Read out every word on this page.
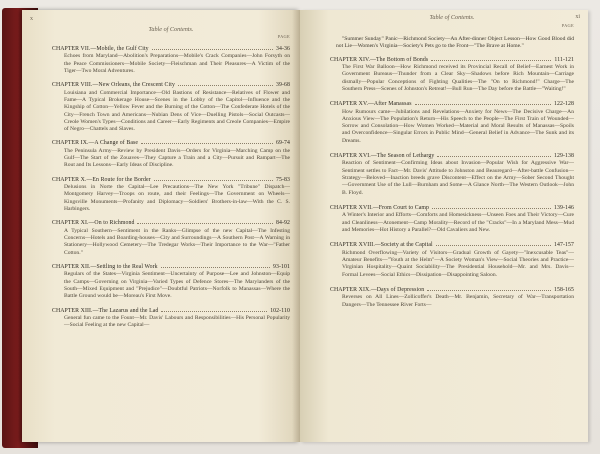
x
Table of Contents.
PAGE
CHAPTER VII.—Mobile, the Gulf City	34-36
Echoes from Maryland—Abolition's Preparations—Mobile's Crack Companies—John Forsyth on the Peace Commissioners—Mobile Society—Fleischman and Their Pleasures—A Victim of the Tiger—Two Moral Adventures.
CHAPTER VIII.—New Orleans, the Crescent City	39-68
Louisiana and Commercial Importance—Old Bastions of Resistance—Relatives of Flower and Fame—A Typical Brokerage House—Scenes in the Lobby of the Capitol—Influence and the Kingship of Cotton—Yellow Fever and the Burning of the Cotton—The Confederate Hotels of the City—French Town and Americans—Nubian Dens of Vice—Duelling Pistols—Social Outcasts—Creole Women's Types—Conditions and Career—Early Regiments and Creole Companies—Empire of Negro—Chattels and Slaves.
CHAPTER IX.—A Change of Base	69-74
The Peninsula Army—Review by President Davis—Orders for Virginia—Marching Camp on the Gulf—The Start of the Zouaves—They Capture a Train and a City—Pursuit and Rampart—The Rout and Its Lessons—Early Ideas of Discipline.
CHAPTER X.—En Route for the Border	75-83
Delusions in Norte the Capital—Lee Precautions—The New York "Tribune" Dispatch—Montgomery Harvey—Troops on route, and their Feelings—The Government on Wheels—Kingsville Monuments—Profanity and Diplomacy—Soldiers' Brothers-in-law—With the C. S. Harbingers.
CHAPTER XI.—On to Richmond	84-92
A Typical Southern—Sentiment in the Ranks—Glimpse of the new Capital—The Infesting Concerns—Hotels and Boarding-houses—City and Surroundings—A Southern Post—A Warning in Stationery—Hollywood Cemetery—The Tredegar Works—Their Importance to the War—"Father Cotton."
CHAPTER XII.—Settling to the Real Work	93-101
Regulars of the States—Virginia Sentiment—Uncertainty of Purpose—Lee and Johnston—Equip the Camps—Governing on Virginia—Varied Types of Defence Stores—The Marylanders of the South—Mixed Equipment and "Prejudice"—Doubtful Patriots—Norfolk to Manassas—Where the Battle Ground would be—Moreau's First Move.
CHAPTER XIII.—The Lazarus and the Lad	102-110
General fun came to the Fount—Mr. Davis' Labours and Responsibilities—His Personal Popularity—Social Feeling at the new Capital—
xi
Table of Contents.
PAGE

"Summer Sunday" Panic—Richmond Society—An After-dinner Object Lesson—How Good Blood did not Lie—Women's Virginia—Society's Pets go to the Front—"The Brave at Home."

CHAPTER XIV.—The Bottom of Bonds	111-121
The First War Balloon—How Richmond received its Provincial Recall of Belief—Earnest Work in Government Bureaus—Thunder from a Clear Sky—Shadows before Rich Mountain—Carriage dismally—Popular Conceptions of Fighting Qualities—The "On to Richmond!" Charge—The Southern Press—Scenes of Johnston's Retreat!—Bull Run—The Day before the Battle—"Waiting!"
CHAPTER XV.—After Manassas	122-128
How Rumours came—Jubilations and Revelations—Anxiety for News—The Decisive Charge—An Anxious View—The Population's Return—His Speech to the People—The First Train of Wounded—Sorrow and Consolation—How Women Worked—Material and Moral Results of Manassas—Spoils and Overconfidence—Singular Errors in Public Mind—General Belief in Advance—The Sunk and its Dreams.
CHAPTER XVI.—The Season of Lethargy	129-138
Reaction of Sentiment—Confirming Ideas about Invasion—Popular Wish for Aggressive War—Sentiment settles to Fact—Mr. Davis' Attitude to Johnston and Beauregard—After-battle Confusion—Strategy—Beloved—Inaction breeds grave Discontent—Effect on the Army—Sober Second Thought—Government Use of the Lull—Burnham and Some—A Glance North—The Western Outlook—John B. Floyd.
CHAPTER XVII.—From Court to Camp	139-146
A Winter's Interior and Efforts—Comforts and Homesickness—Unseen Foes and Their Victory—Cure and Cleanliness—Atonement—Camp Morality—Record of the "Cracks"—In a Maryland Mess—Mud and Memories—Hot History a Parallel?—Old Cavaliers and New.
CHAPTER XVIII.—Society at the Capital	147-157
Richmond Overflowing—Variety of Visitors—Gradual Growth of Gayety—"Inexcusable Teas"—Amateur Benefits—"Youth at the Helm"—A Society Woman's View—Social Theories and Practice—Virginian Hospitality—Quaint Sociability—The Presidential Household—Mr. and Mrs. Davis—Formal Levees—Social Ethics—Dissipation—Disappointing Saloon.
CHAPTER XIX.—Days of Depression	158-165
Reverses on All Lines—Zollicoffer's Death—Mr. Benjamin, Secretary of War—Transportation Dangers—The Tennessee River Forts—
